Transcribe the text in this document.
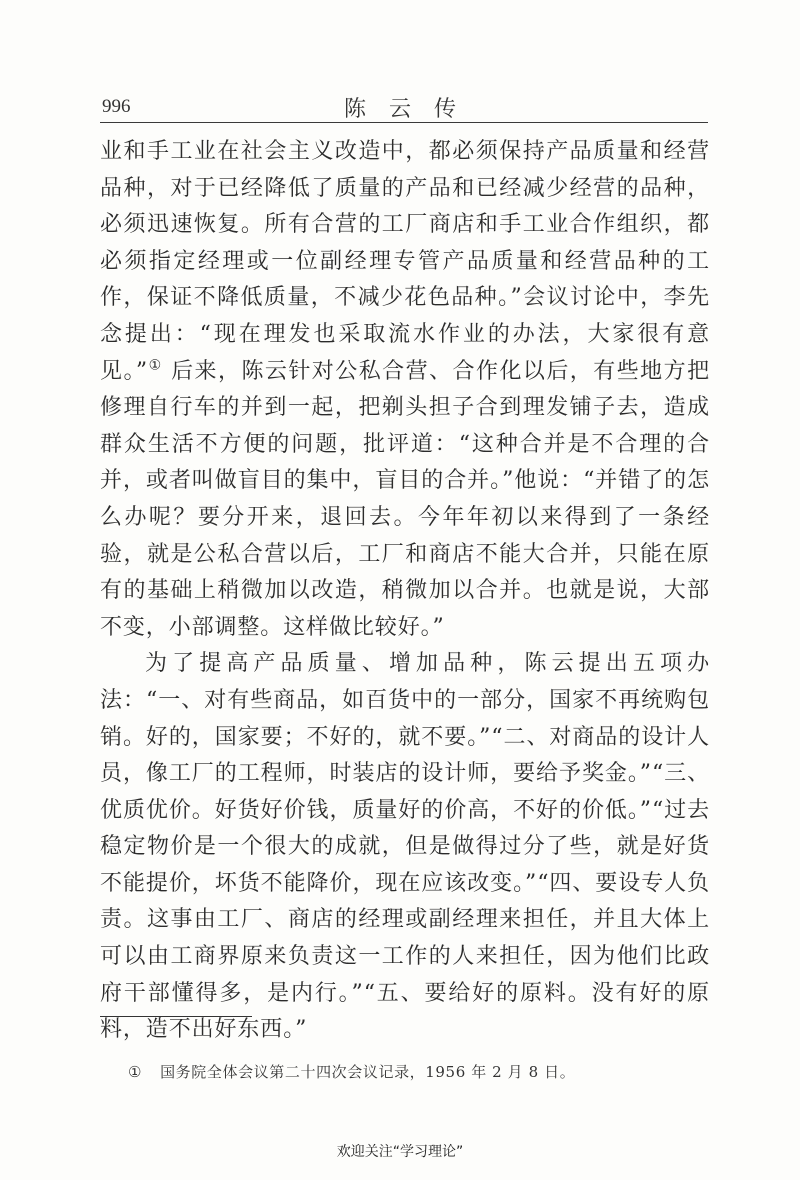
996	陈 云 传

业和手工业在社会主义改造中，都必须保持产品质量和经营品种，对于已经降低了质量的产品和已经减少经营的品种，必须迅速恢复。所有合营的工厂商店和手工业合作组织，都必须指定经理或一位副经理专管产品质量和经营品种的工作，保证不降低质量，不减少花色品种。”会议讨论中，李先念提出：“现在理发也采取流水作业的办法，大家很有意见。”① 后来，陈云针对公私合营、合作化以后，有些地方把修理自行车的并到一起，把剃头担子合到理发铺子去，造成群众生活不方便的问题，批评道：“这种合并是不合理的合并，或者叫做盲目的集中，盲目的合并。”他说：“并错了的怎么办呢？要分开来，退回去。今年年初以来得到了一条经验，就是公私合营以后，工厂和商店不能大合并，只能在原有的基础上稍微加以改造，稍微加以合并。也就是说，大部不变，小部调整。这样做比较好。”

为了提高产品质量、增加品种，陈云提出五项办法：“一、对有些商品，如百货中的一部分，国家不再统购包销。好的，国家要；不好的，就不要。”“二、对商品的设计人员，像工厂的工程师，时装店的设计师，要给予奖金。”“三、优质优价。好货好价钱，质量好的价高，不好的价低。”“过去稳定物价是一个很大的成就，但是做得过分了些，就是好货不能提价，坏货不能降价，现在应该改变。”“四、要设专人负责。这事由工厂、商店的经理或副经理来担任，并且大体上可以由工商界原来负责这一工作的人来担任，因为他们比政府干部懂得多，是内行。”“五、要给好的原料。没有好的原料，造不出好东西。”

① 国务院全体会议第二十四次会议记录，1956 年 2 月 8 日。
欢迎关注“学习理论”
